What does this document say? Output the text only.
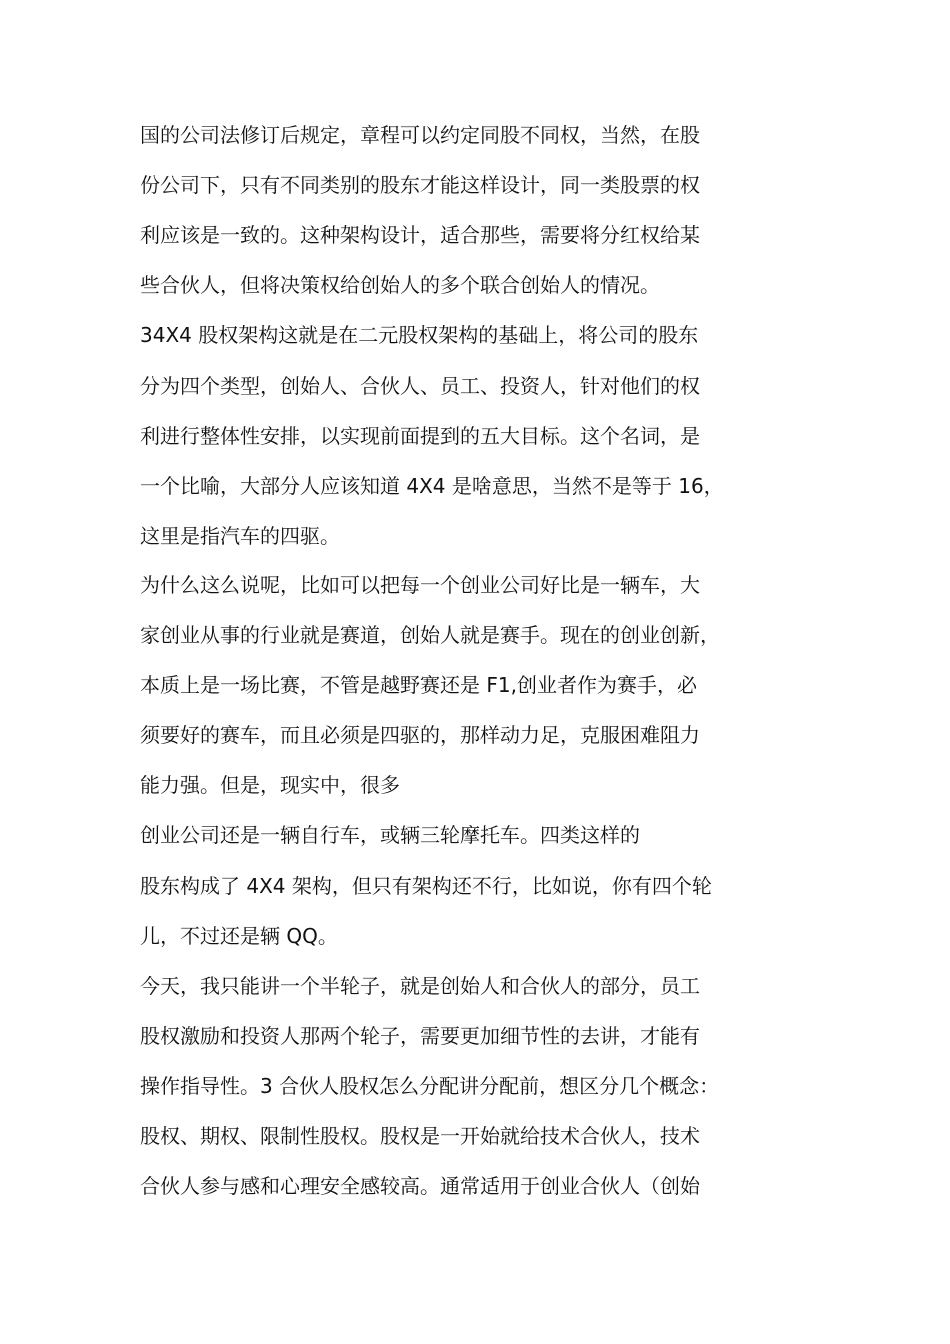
国的公司法修订后规定，章程可以约定同股不同权，当然，在股
份公司下，只有不同类别的股东才能这样设计，同一类股票的权
利应该是一致的。这种架构设计，适合那些，需要将分红权给某
些合伙人，但将决策权给创始人的多个联合创始人的情况。
34X4 股权架构这就是在二元股权架构的基础上，将公司的股东
分为四个类型，创始人、合伙人、员工、投资人，针对他们的权
利进行整体性安排，以实现前面提到的五大目标。这个名词，是
一个比喻，大部分人应该知道 4X4 是啥意思，当然不是等于 16，
这里是指汽车的四驱。
为什么这么说呢，比如可以把每一个创业公司好比是一辆车，大
家创业从事的行业就是赛道，创始人就是赛手。现在的创业创新，
本质上是一场比赛，不管是越野赛还是 F1,创业者作为赛手，必
须要好的赛车，而且必须是四驱的，那样动力足，克服困难阻力
能力强。但是，现实中，很多
创业公司还是一辆自行车，或辆三轮摩托车。四类这样的
股东构成了 4X4 架构，但只有架构还不行，比如说，你有四个轮
儿，不过还是辆 QQ。
今天，我只能讲一个半轮子，就是创始人和合伙人的部分，员工
股权激励和投资人那两个轮子，需要更加细节性的去讲，才能有
操作指导性。3 合伙人股权怎么分配讲分配前，想区分几个概念：
股权、期权、限制性股权。股权是一开始就给技术合伙人，技术
合伙人参与感和心理安全感较高。通常适用于创业合伙人（创始
